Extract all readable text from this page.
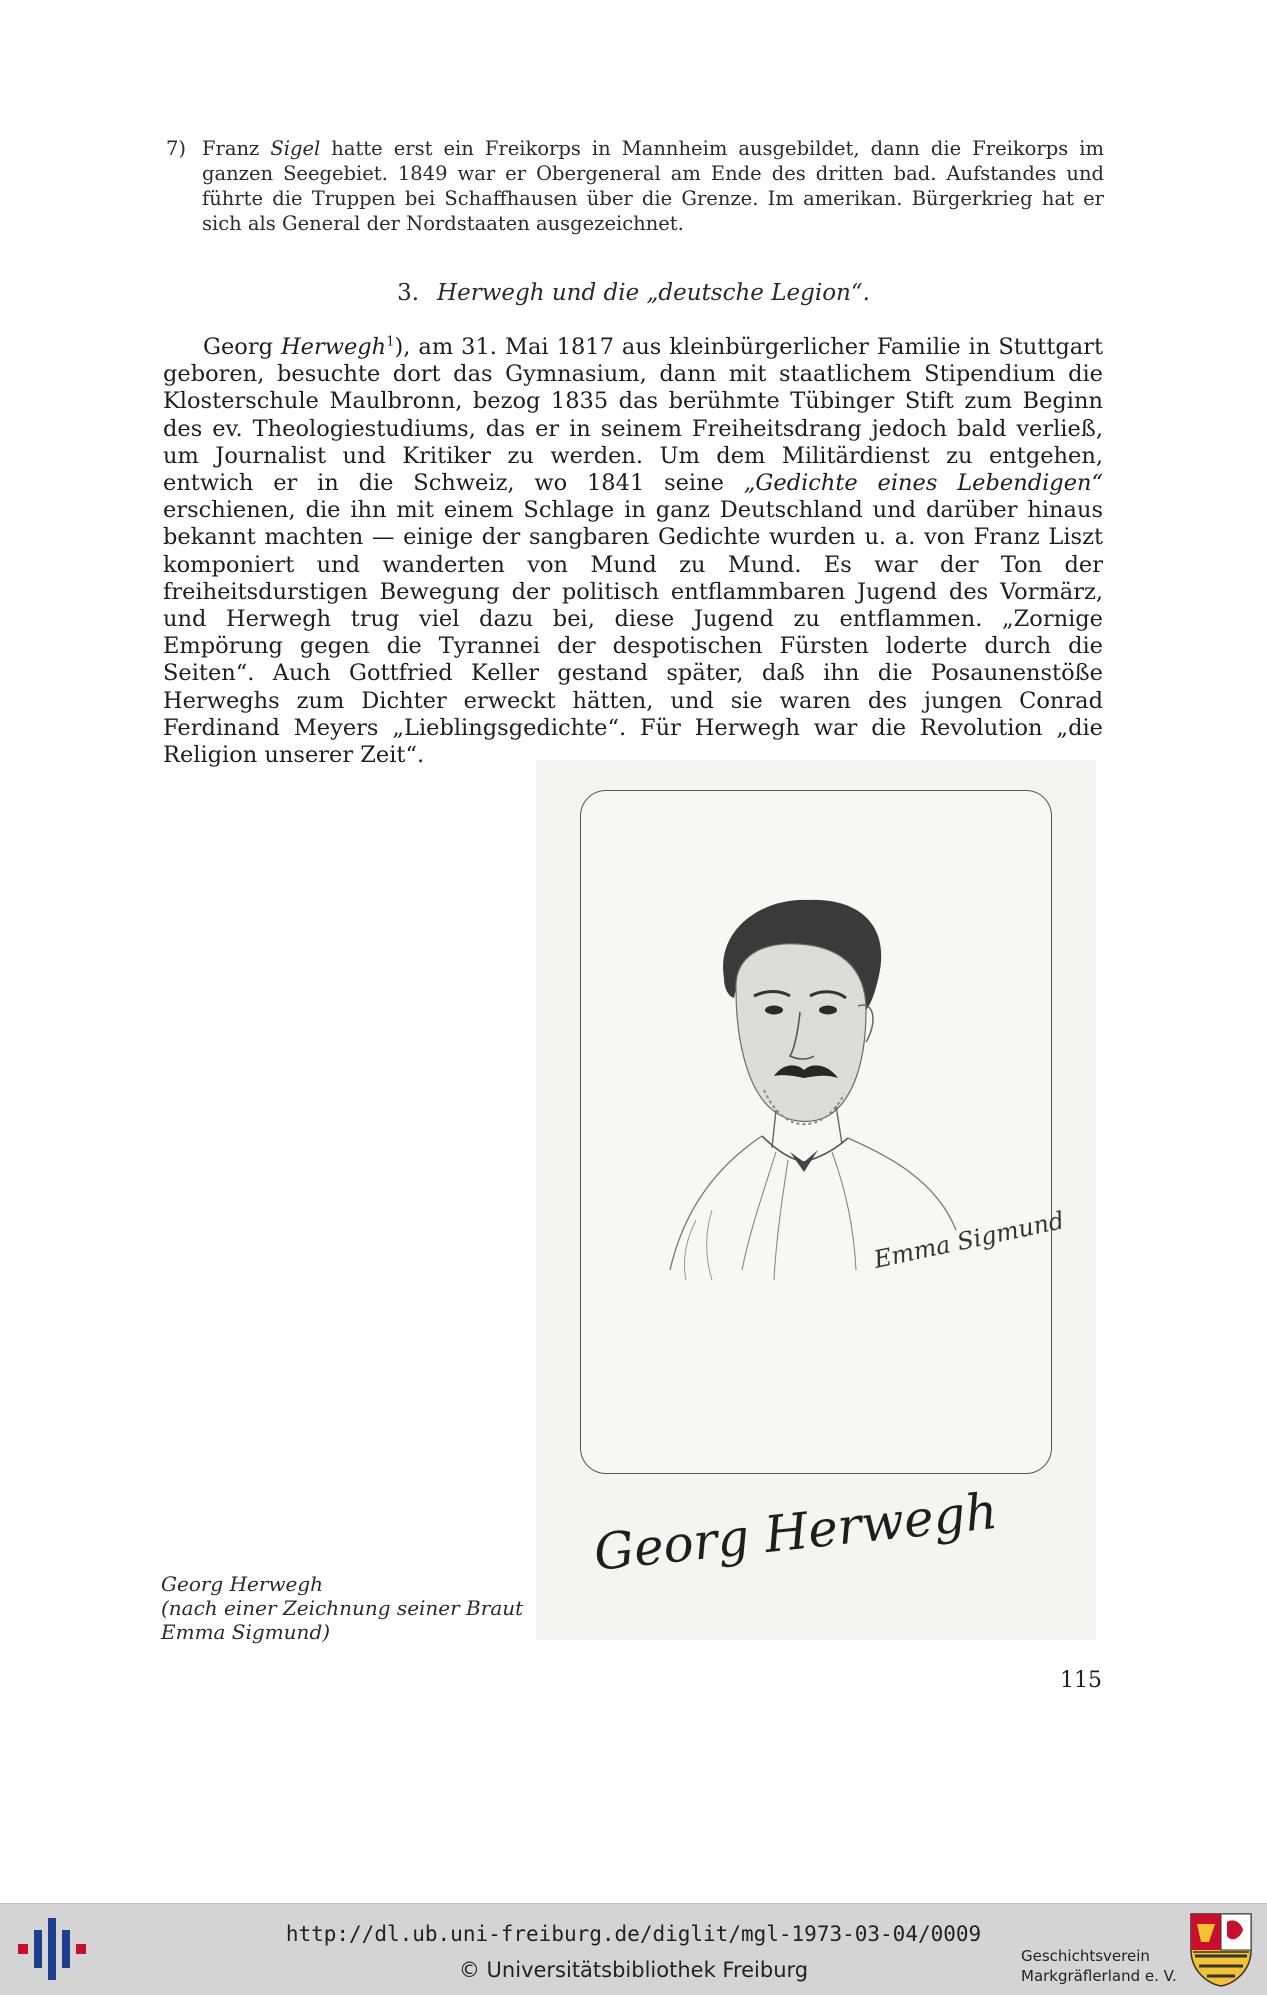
7) Franz Sigel hatte erst ein Freikorps in Mannheim ausgebildet, dann die Freikorps im ganzen Seegebiet. 1849 war er Obergeneral am Ende des dritten bad. Aufstandes und führte die Truppen bei Schaffhausen über die Grenze. Im amerikan. Bürgerkrieg hat er sich als General der Nordstaaten ausgezeichnet.
3. Herwegh und die „deutsche Legion“.

Georg Herwegh$^1$), am 31. Mai 1817 aus kleinbürgerlicher Familie in Stuttgart geboren, besuchte dort das Gymnasium, dann mit staatlichem Stipendium die Klosterschule Maulbronn, bezog 1835 das berühmte Tübinger Stift zum Beginn des ev. Theologiestudiums, das er in seinem Freiheitsdrang jedoch bald verließ, um Journalist und Kritiker zu werden. Um dem Militärdienst zu entgehen, entwich er in die Schweiz, wo 1841 seine „Gedichte eines Lebendigen“ erschienen, die ihn mit einem Schlage in ganz Deutschland und darüber hinaus bekannt machten — einige der sangbaren Gedichte wurden u. a. von Franz Liszt komponiert und wanderten von Mund zu Mund. Es war der Ton der freiheitsdurstigen Bewegung der politisch entflammbaren Jugend des Vormärz, und Herwegh trug viel dazu bei, diese Jugend zu entflammen. „Zornige Empörung gegen die Tyrannei der despotischen Fürsten loderte durch die Seiten“. Auch Gottfried Keller gestand später, daß ihn die Posaunenstöße Herweghs zum Dichter erweckt hätten, und sie waren des jungen Conrad Ferdinand Meyers „Lieblingsgedichte“. Für Herwegh war die Revolution „die Religion unserer Zeit“.

Emma Sigmund
Georg Herwegh
Georg Herwegh
(nach einer Zeichnung seiner Braut
Emma Sigmund)
115
http://dl.ub.uni-freiburg.de/diglit/mgl-1973-03-04/0009
© Universitätsbibliothek Freiburg
Geschichtsverein
Markgräflerland e. V.
